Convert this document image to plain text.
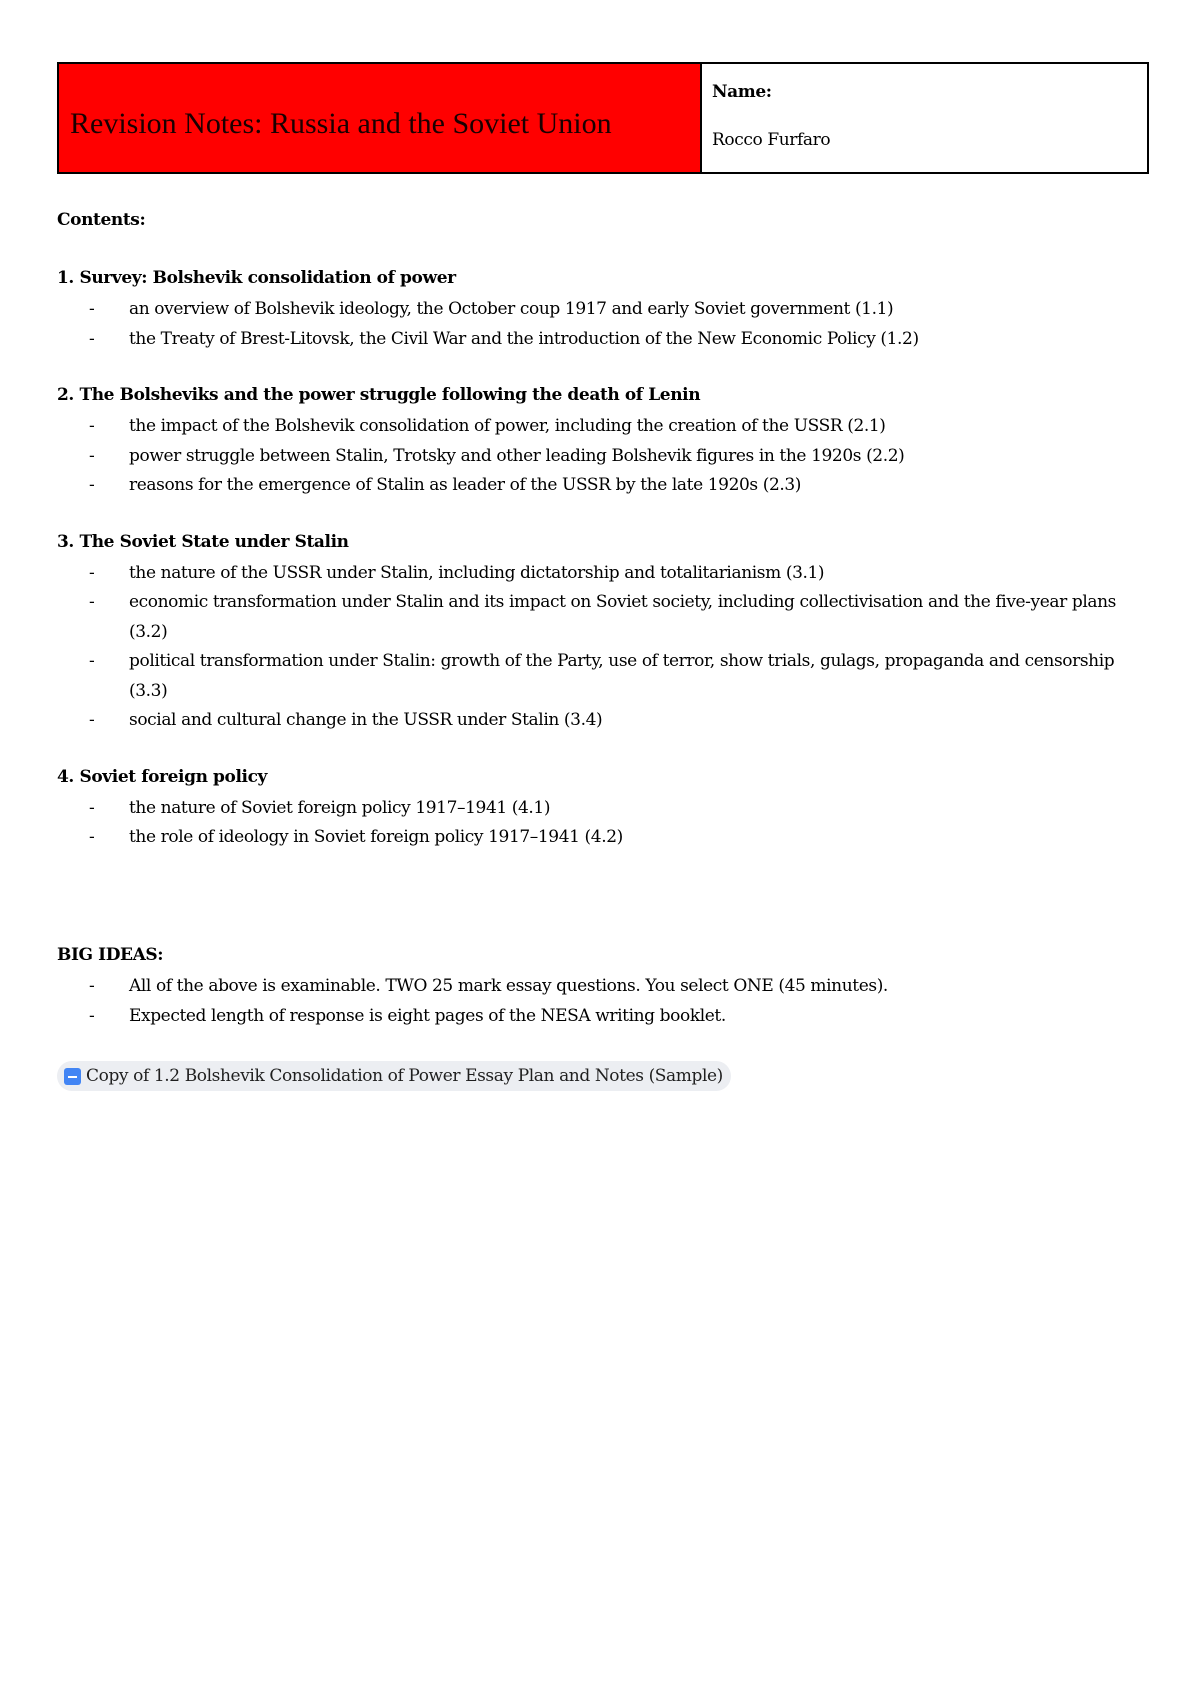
Revision Notes: Russia and the Soviet Union
Name:
Rocco Furfaro
Contents:
1. Survey: Bolshevik consolidation of power
-	an overview of Bolshevik ideology, the October coup 1917 and early Soviet government (1.1)
-	the Treaty of Brest-Litovsk, the Civil War and the introduction of the New Economic Policy (1.2)
2. The Bolsheviks and the power struggle following the death of Lenin
-	the impact of the Bolshevik consolidation of power, including the creation of the USSR (2.1)
-	power struggle between Stalin, Trotsky and other leading Bolshevik figures in the 1920s (2.2)
-	reasons for the emergence of Stalin as leader of the USSR by the late 1920s (2.3)
3. The Soviet State under Stalin
-	the nature of the USSR under Stalin, including dictatorship and totalitarianism (3.1)
-	economic transformation under Stalin and its impact on Soviet society, including collectivisation and the five-year plans (3.2)
-	political transformation under Stalin: growth of the Party, use of terror, show trials, gulags, propaganda and censorship (3.3)
-	social and cultural change in the USSR under Stalin (3.4)
4. Soviet foreign policy
-	the nature of Soviet foreign policy 1917–1941 (4.1)
-	the role of ideology in Soviet foreign policy 1917–1941 (4.2)
BIG IDEAS:
-	All of the above is examinable. TWO 25 mark essay questions. You select ONE (45 minutes).
-	Expected length of response is eight pages of the NESA writing booklet.
Copy of 1.2 Bolshevik Consolidation of Power Essay Plan and Notes (Sample)
